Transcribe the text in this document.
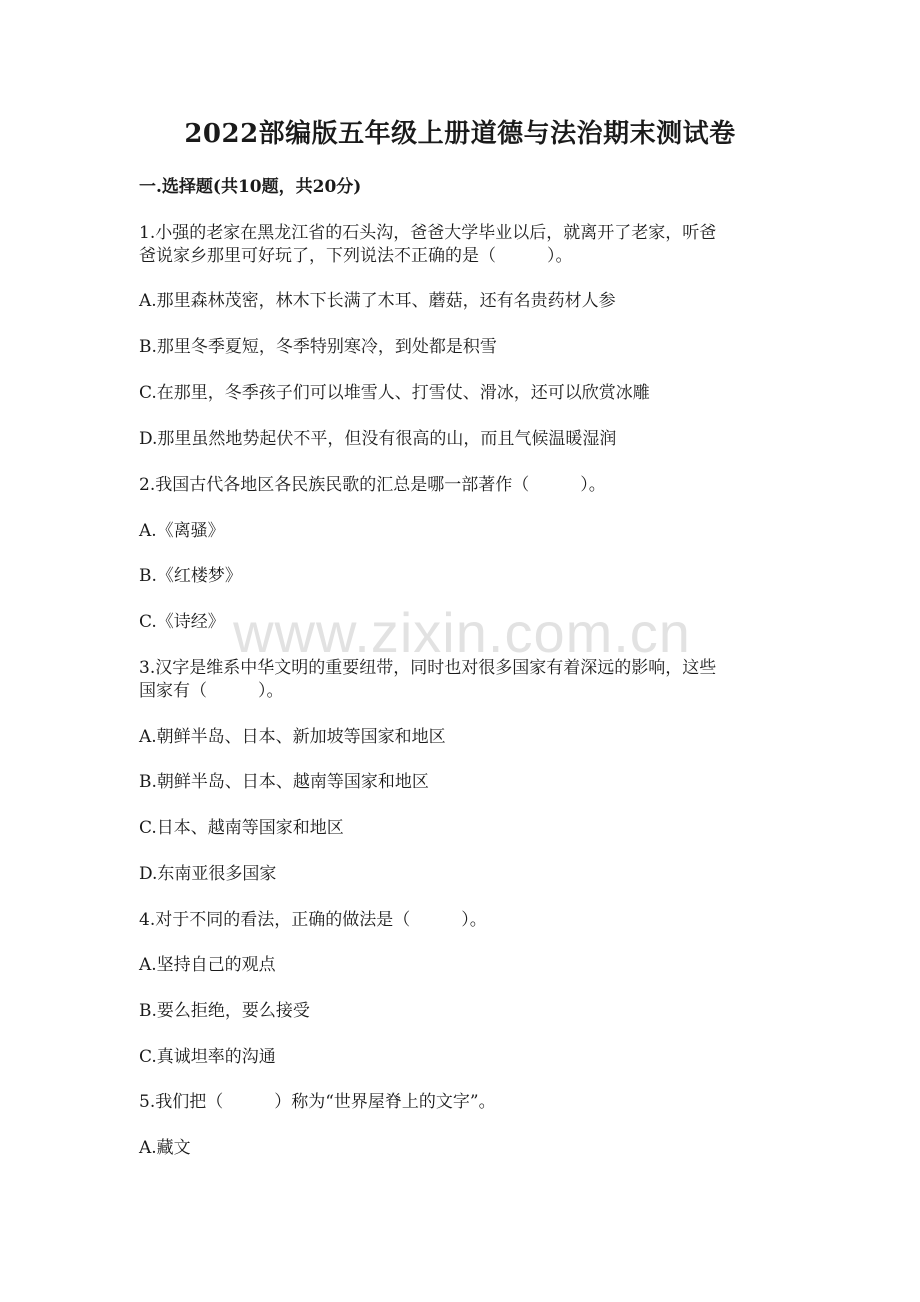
2022部编版五年级上册道德与法治期末测试卷
一.选择题(共10题，共20分)
1.小强的老家在黑龙江省的石头沟，爸爸大学毕业以后，就离开了老家，听爸
爸说家乡那里可好玩了，下列说法不正确的是（　　　）。
A.那里森林茂密，林木下长满了木耳、蘑菇，还有名贵药材人参
B.那里冬季夏短，冬季特别寒冷，到处都是积雪
C.在那里，冬季孩子们可以堆雪人、打雪仗、滑冰，还可以欣赏冰雕
D.那里虽然地势起伏不平，但没有很高的山，而且气候温暖湿润
2.我国古代各地区各民族民歌的汇总是哪一部著作（　　　）。
A.《离骚》
B.《红楼梦》
C.《诗经》
3.汉字是维系中华文明的重要纽带，同时也对很多国家有着深远的影响，这些
国家有（　　　）。
A.朝鲜半岛、日本、新加坡等国家和地区
B.朝鲜半岛、日本、越南等国家和地区
C.日本、越南等国家和地区
D.东南亚很多国家
4.对于不同的看法，正确的做法是（　　　）。
A.坚持自己的观点
B.要么拒绝，要么接受
C.真诚坦率的沟通
5.我们把（　　　）称为“世界屋脊上的文字”。
A.藏文
www.zixin.com.cn
